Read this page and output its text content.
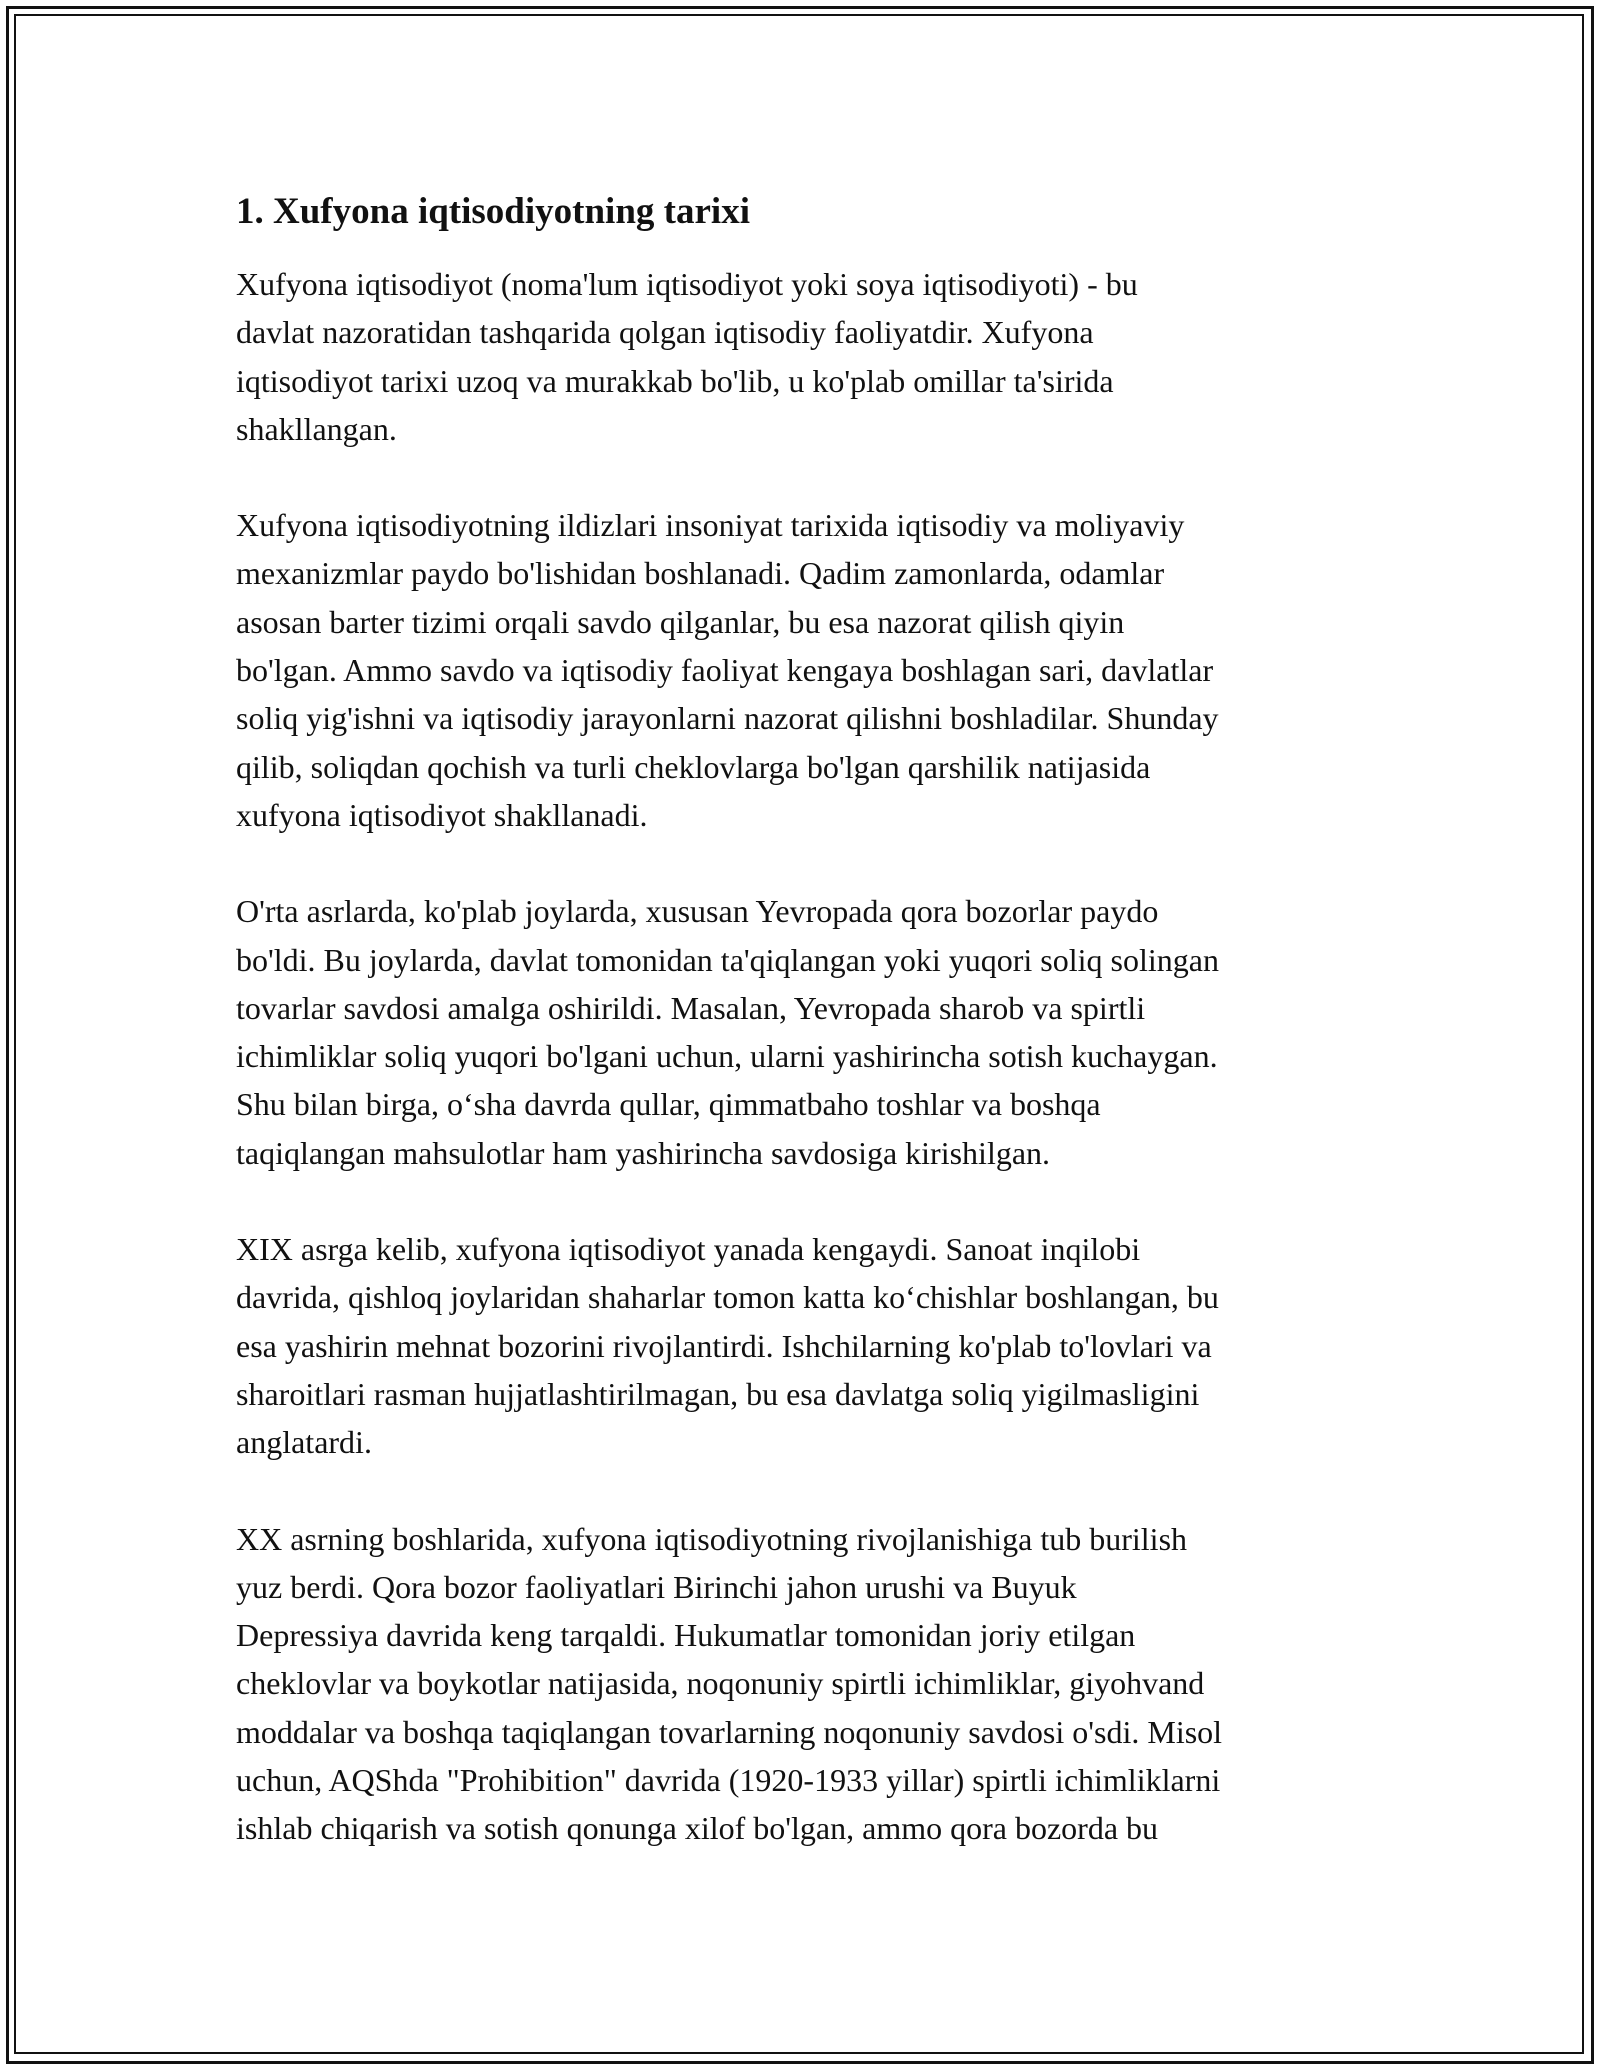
1. Xufyona iqtisodiyotning tarixi

Xufyona iqtisodiyot (noma'lum iqtisodiyot yoki soya iqtisodiyoti) - bu
davlat nazoratidan tashqarida qolgan iqtisodiy faoliyatdir. Xufyona
iqtisodiyot tarixi uzoq va murakkab bo'lib, u ko'plab omillar ta'sirida
shakllangan.

Xufyona iqtisodiyotning ildizlari insoniyat tarixida iqtisodiy va moliyaviy
mexanizmlar paydo bo'lishidan boshlanadi. Qadim zamonlarda, odamlar
asosan barter tizimi orqali savdo qilganlar, bu esa nazorat qilish qiyin
bo'lgan. Ammo savdo va iqtisodiy faoliyat kengaya boshlagan sari, davlatlar
soliq yig'ishni va iqtisodiy jarayonlarni nazorat qilishni boshladilar. Shunday
qilib, soliqdan qochish va turli cheklovlarga bo'lgan qarshilik natijasida
xufyona iqtisodiyot shakllanadi.

O'rta asrlarda, ko'plab joylarda, xususan Yevropada qora bozorlar paydo
bo'ldi. Bu joylarda, davlat tomonidan ta'qiqlangan yoki yuqori soliq solingan
tovarlar savdosi amalga oshirildi. Masalan, Yevropada sharob va spirtli
ichimliklar soliq yuqori bo'lgani uchun, ularni yashirincha sotish kuchaygan.
Shu bilan birga, o‘sha davrda qullar, qimmatbaho toshlar va boshqa
taqiqlangan mahsulotlar ham yashirincha savdosiga kirishilgan.

XIX asrga kelib, xufyona iqtisodiyot yanada kengaydi. Sanoat inqilobi
davrida, qishloq joylaridan shaharlar tomon katta ko‘chishlar boshlangan, bu
esa yashirin mehnat bozorini rivojlantirdi. Ishchilarning ko'plab to'lovlari va
sharoitlari rasman hujjatlashtirilmagan, bu esa davlatga soliq yigilmasligini
anglatardi.

XX asrning boshlarida, xufyona iqtisodiyotning rivojlanishiga tub burilish
yuz berdi. Qora bozor faoliyatlari Birinchi jahon urushi va Buyuk
Depressiya davrida keng tarqaldi. Hukumatlar tomonidan joriy etilgan
cheklovlar va boykotlar natijasida, noqonuniy spirtli ichimliklar, giyohvand
moddalar va boshqa taqiqlangan tovarlarning noqonuniy savdosi o'sdi. Misol
uchun, AQShda "Prohibition" davrida (1920-1933 yillar) spirtli ichimliklarni
ishlab chiqarish va sotish qonunga xilof bo'lgan, ammo qora bozorda bu
